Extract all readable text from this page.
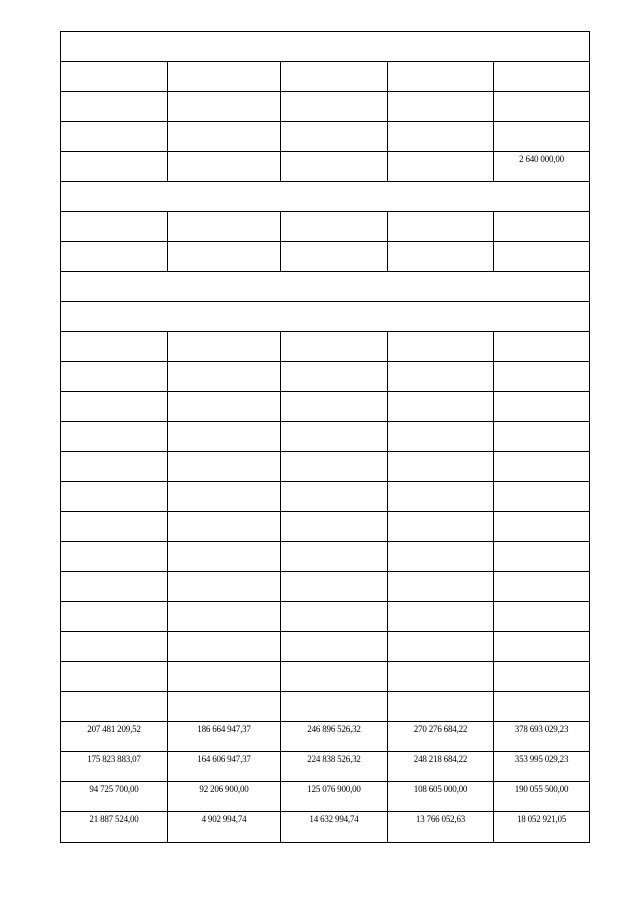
				2 640 000,00

207 481 209,52	186 664 947,37	246 896 526,32	270 276 684,22	378 693 029,23

175 823 883,07	164 606 947,37	224 838 526,32	248 218 684,22	353 995 029,23

94 725 700,00	92 206 900,00	125 076 900,00	108 605 000,00	190 055 500,00

21 887 524,00	4 902 994,74	14 632 994,74	13 766 052,63	18 052 921,05
